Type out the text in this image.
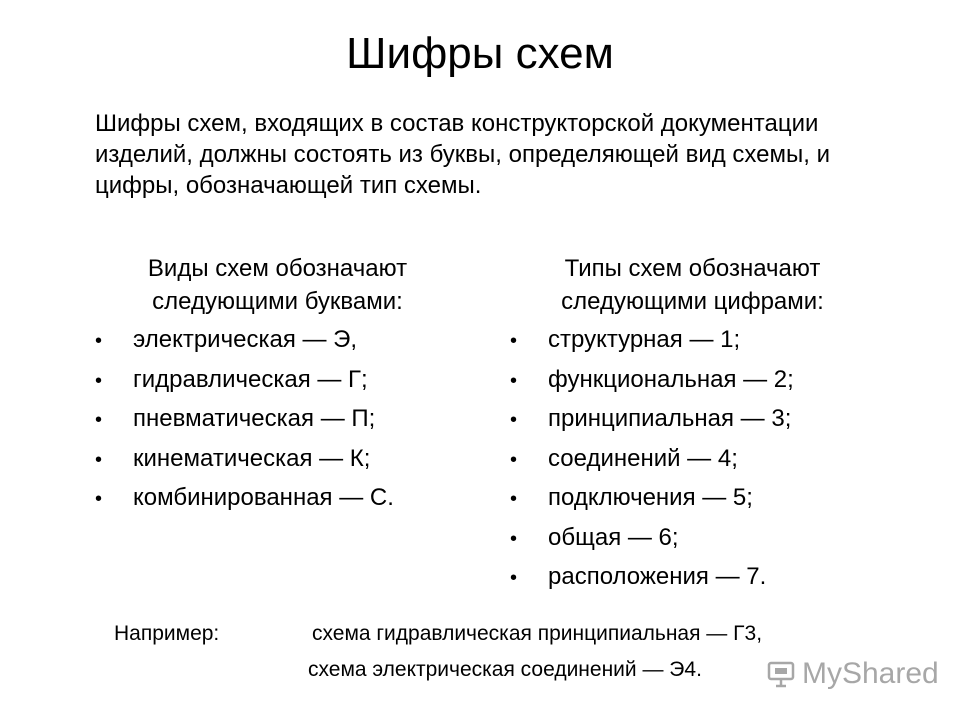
Шифры схем
Шифры схем, входящих в состав конструкторской документации изделий, должны состоять из буквы, определяющей вид схемы, и цифры, обозначающей тип схемы.
Виды схем обозначают
следующими буквами:
Типы схем обозначают
следующими цифрами:
• электрическая — Э,
• гидравлическая — Г;
• пневматическая — П;
• кинематическая — К;
• комбинированная — С.
• структурная — 1;
• функциональная — 2;
• принципиальная — 3;
• соединений — 4;
• подключения — 5;
• общая — 6;
• расположения — 7.
Например:	схема гидравлическая принципиальная — Г3,
схема электрическая соединений — Э4.	MyShared
